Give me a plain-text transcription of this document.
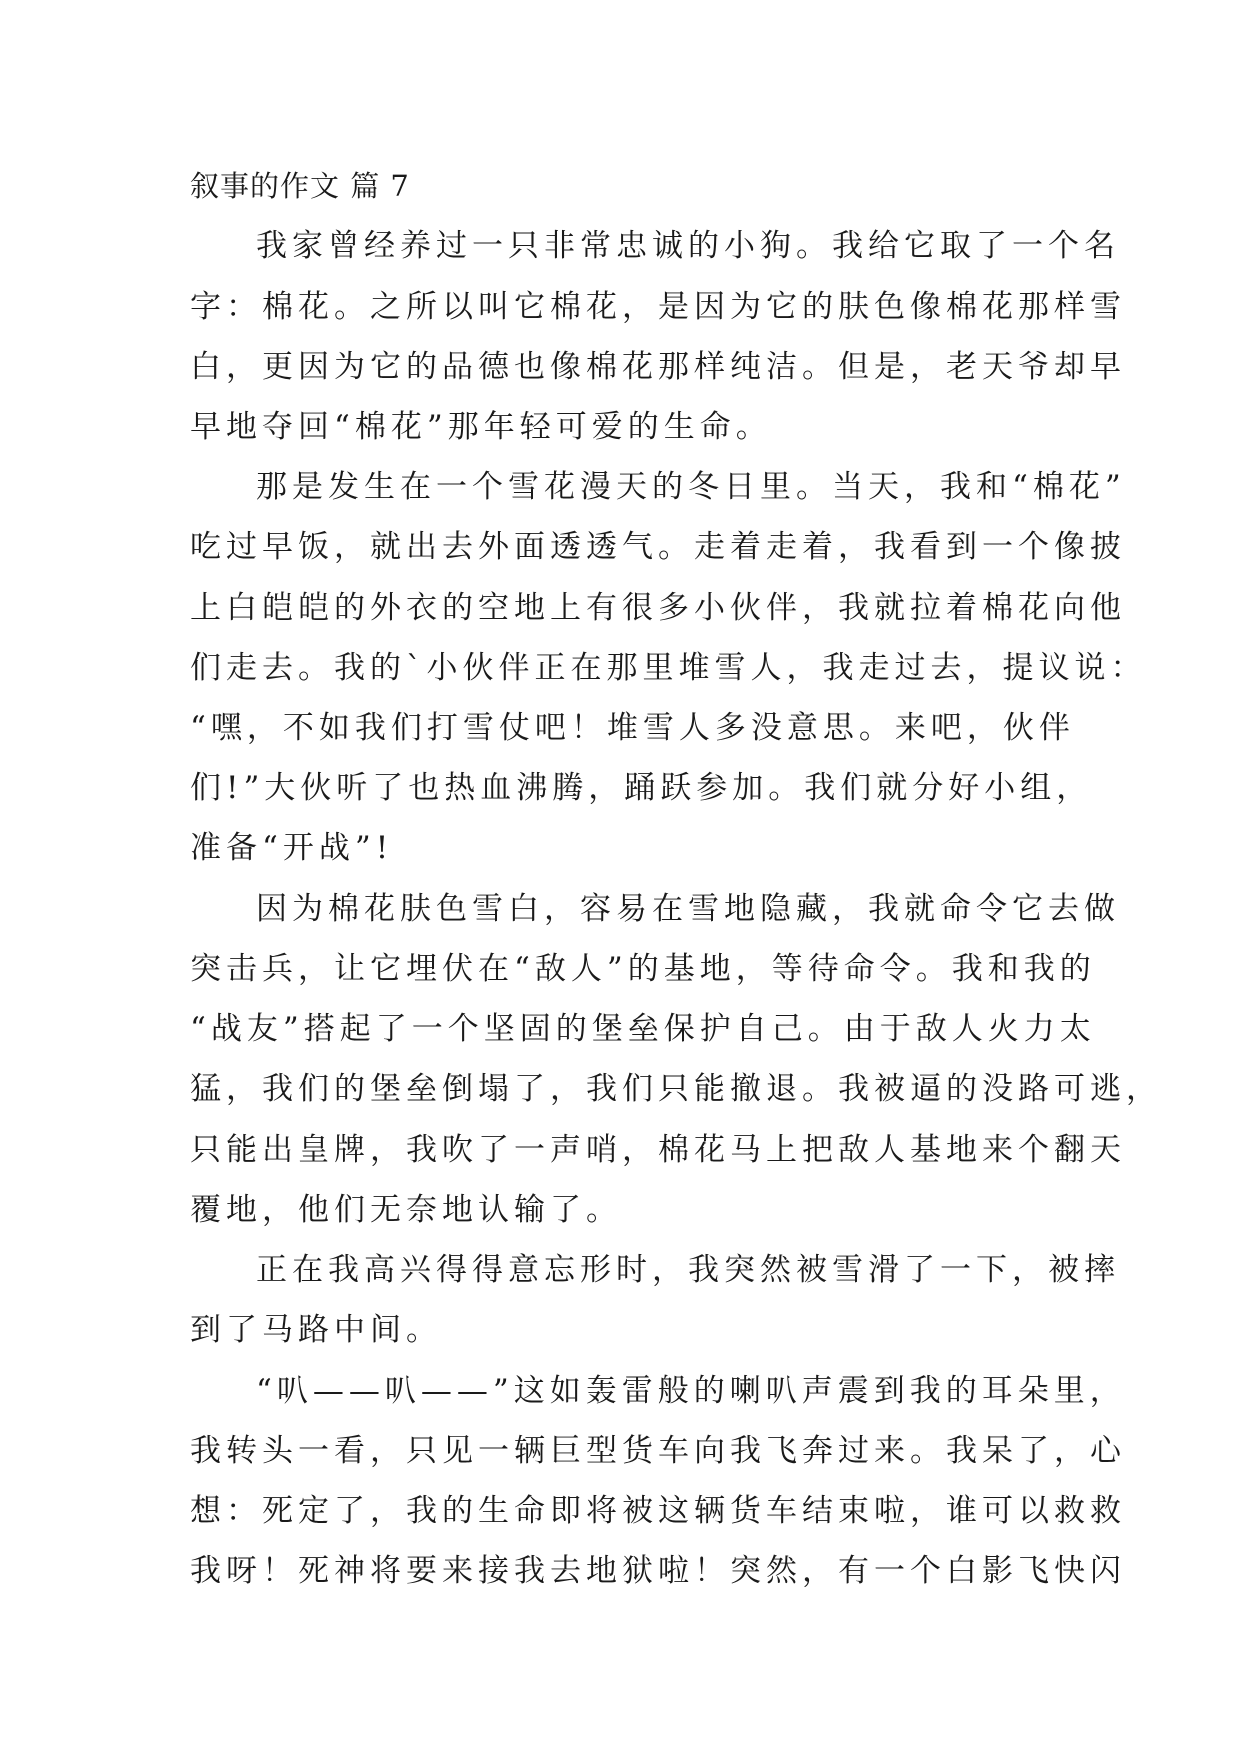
叙事的作文 篇 7
我家曾经养过一只非常忠诚的小狗。我给它取了一个名
字：棉花。之所以叫它棉花，是因为它的肤色像棉花那样雪
白，更因为它的品德也像棉花那样纯洁。但是，老天爷却早
早地夺回“棉花”那年轻可爱的生命。
那是发生在一个雪花漫天的冬日里。当天，我和“棉花”
吃过早饭，就出去外面透透气。走着走着，我看到一个像披
上白皑皑的外衣的空地上有很多小伙伴，我就拉着棉花向他
们走去。我的`小伙伴正在那里堆雪人，我走过去，提议说：
“嘿，不如我们打雪仗吧！堆雪人多没意思。来吧，伙伴
们!”大伙听了也热血沸腾，踊跃参加。我们就分好小组，
准备“开战”!
因为棉花肤色雪白，容易在雪地隐藏，我就命令它去做
突击兵，让它埋伏在“敌人”的基地，等待命令。我和我的
“战友”搭起了一个坚固的堡垒保护自己。由于敌人火力太
猛，我们的堡垒倒塌了，我们只能撤退。我被逼的没路可逃，
只能出皇牌，我吹了一声哨，棉花马上把敌人基地来个翻天
覆地，他们无奈地认输了。
正在我高兴得得意忘形时，我突然被雪滑了一下，被摔
到了马路中间。
“叭——叭——”这如轰雷般的喇叭声震到我的耳朵里，
我转头一看，只见一辆巨型货车向我飞奔过来。我呆了，心
想：死定了，我的生命即将被这辆货车结束啦，谁可以救救
我呀！死神将要来接我去地狱啦！突然，有一个白影飞快闪
